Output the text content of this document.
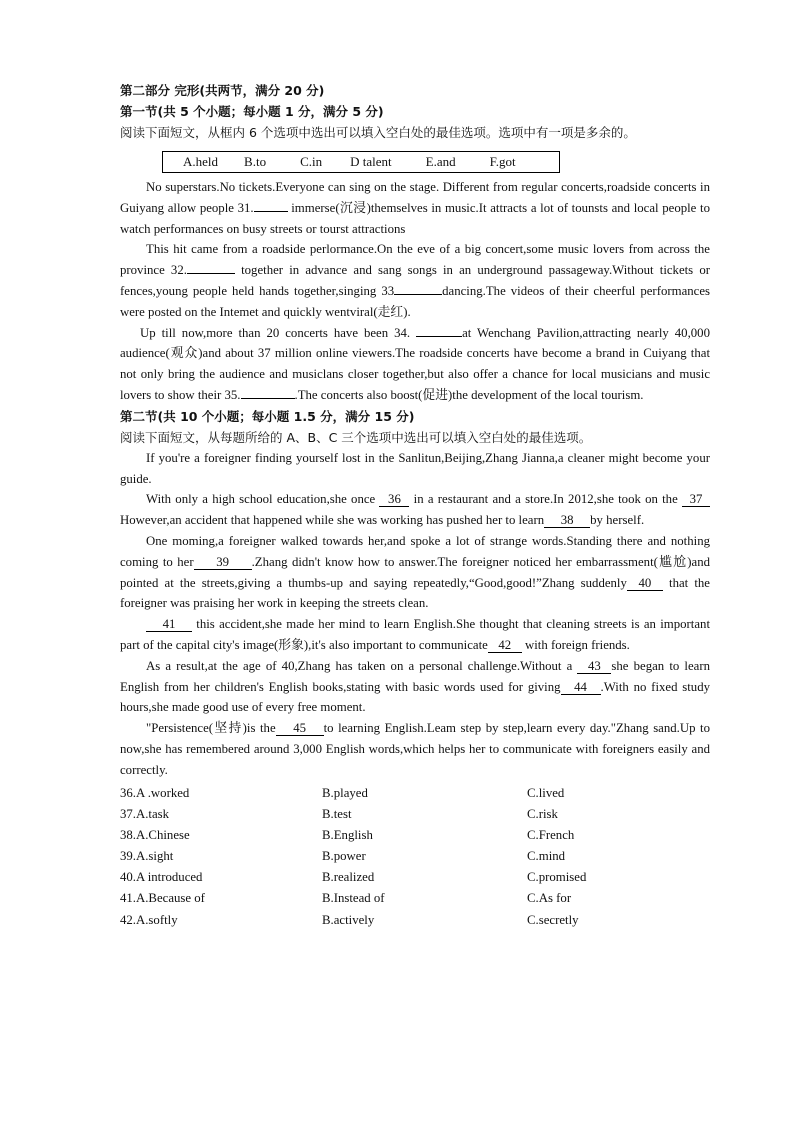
第二部分 完形(共两节，满分 20 分)

第一节(共 5 个小题；每小题 1 分，满分 5 分)

阅读下面短文，从框内 6 个选项中选出可以填入空白处的最佳选项。选项中有一项是多余的。

A.held B.to	C.in D talent	E.and	F.got

No superstars.No tickets.Everyone can sing on the stage. Different from regular concerts,roadside concerts in Guiyang allow people 31.	immerse(沉浸)themselves in music.It attracts a lot of tounsts and local people to watch performances on busy streets or tourst attractions

This hit came from a roadside perlormance.On the eve of a big concert,some music lovers from across the province 32.	together in advance and sang songs in an underground passageway.Without tickets or fences,young people held hands together,singing 33	dancing.The videos of their cheerful performances were posted on the Intemet and quickly wentviral(走红).

Up till now,more than 20 concerts have been 34.	at Wenchang Pavilion,attracting nearly 40,000 audience(观众)and about 37 million online viewers.The roadside concerts have become a brand in Cuiyang that not only bring the audience and musiclans closer together,but also offer a chance for local musicians and music lovers to show their 35.	.The concerts also boost(促进)the development of the local tourism.

第二节(共 10 个小题；每小题 1.5 分，满分 15 分)

阅读下面短文，从每题所给的 A、B、C 三个选项中选出可以填入空白处的最佳选项。

If you're a foreigner finding yourself lost in the Sanlitun,Beijing,Zhang Jianna,a cleaner might become your guide.

With only a high school education,she once 36 in a restaurant and a store.In 2012,she took on the 37 However,an accident that happened while she was working has pushed her to learn 38 by herself.

One moming,a foreigner walked towards her,and spoke a lot of strange words.Standing there and nothing coming to her 39 .Zhang didn't know how to answer.The foreigner noticed her embarrassment(尴尬)and pointed at the streets,giving a thumbs-up and saying repeatedly,“Good,good!”Zhang suddenly 40 that the foreigner was praising her work in keeping the streets clean.

41 this accident,she made her mind to learn English.She thought that cleaning streets is an important part of the capital city's image(形象),it's also important to communicate 42 with foreign friends.

As a result,at the age of 40,Zhang has taken on a personal challenge.Without a 43 she began to learn English from her children's English books,stating with basic words used for giving 44 .With no fixed study hours,she made good use of every free moment.

"Persistence(坚持)is the 45 to learning English.Leam step by step,learn every day."Zhang sand.Up to now,she has remembered around 3,000 English words,which helps her to communicate with foreigners easily and correctly.

36.A .worked	B.played	C.lived
37.A.task	B.test	C.risk
38.A.Chinese	B.English	C.French
39.A.sight	B.power	C.mind
40.A introduced	B.realized	C.promised
41.A.Because of	B.Instead of	C.As for
42.A.softly	B.actively	C.secretly
